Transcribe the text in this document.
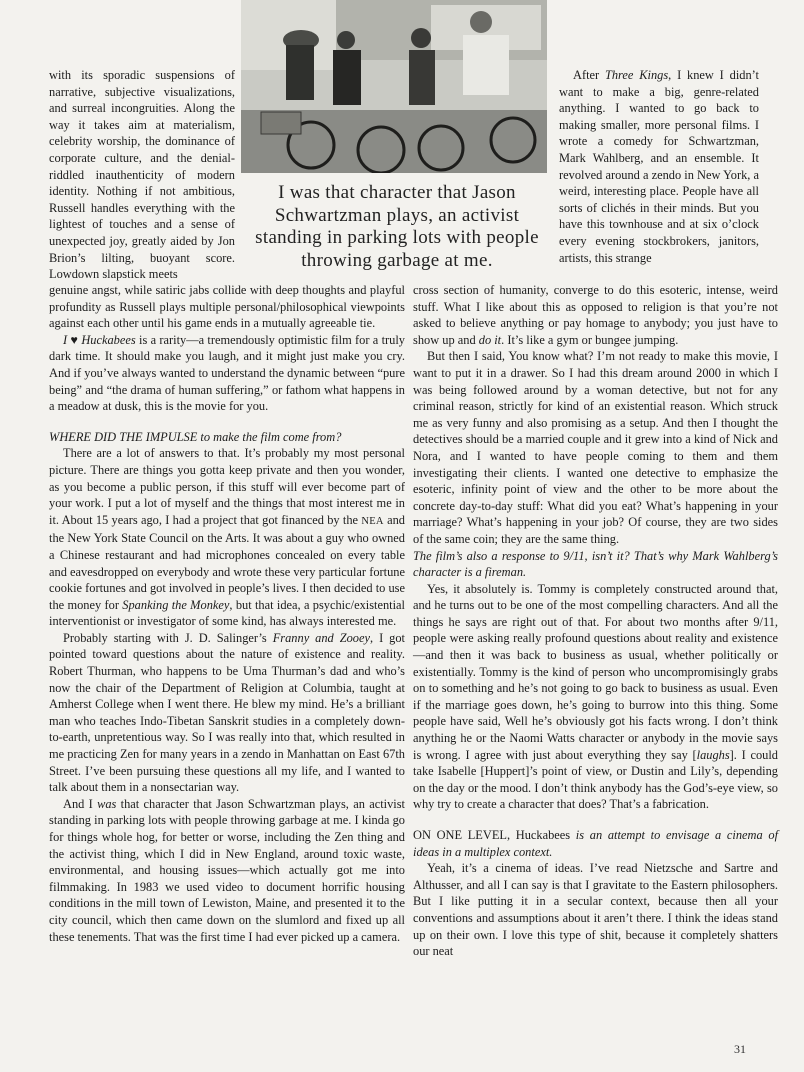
I was that character that Jason Schwartzman plays, an activist standing in parking lots with people throwing garbage at me.

with its sporadic suspensions of narrative, subjective visualizations, and surreal incongruities. Along the way it takes aim at materialism, celebrity worship, the dominance of corporate culture, and the denial-riddled inauthenticity of modern identity. Nothing if not ambitious, Russell handles everything with the lightest of touches and a sense of unexpected joy, greatly aided by Jon Brion’s lilting, buoyant score. Lowdown slapstick meets

genuine angst, while satiric jabs collide with deep thoughts and playful profundity as Russell plays multiple personal/philosophical viewpoints against each other until his game ends in a mutually agreeable tie.

I ♥ Huckabees is a rarity—a tremendously optimistic film for a truly dark time. It should make you laugh, and it might just make you cry. And if you’ve always wanted to understand the dynamic between “pure being” and “the drama of human suffering,” or fathom what happens in a meadow at dusk, this is the movie for you.

WHERE DID THE IMPULSE to make the film come from?

There are a lot of answers to that. It’s probably my most personal picture. There are things you gotta keep private and then you wonder, as you become a public person, if this stuff will ever become part of your work. I put a lot of myself and the things that most interest me in it. About 15 years ago, I had a project that got financed by the NEA and the New York State Council on the Arts. It was about a guy who owned a Chinese restaurant and had microphones concealed on every table and eavesdropped on everybody and wrote these very particular fortune cookie fortunes and got involved in people’s lives. I then decided to use the money for Spanking the Monkey, but that idea, a psychic/existential interventionist or investigator of some kind, has always interested me.

Probably starting with J. D. Salinger’s Franny and Zooey, I got pointed toward questions about the nature of existence and reality. Robert Thurman, who happens to be Uma Thurman’s dad and who’s now the chair of the Department of Religion at Columbia, taught at Amherst College when I went there. He blew my mind. He’s a brilliant man who teaches Indo-Tibetan Sanskrit studies in a completely down-to-earth, unpretentious way. So I was really into that, which resulted in me practicing Zen for many years in a zendo in Manhattan on East 67th Street. I’ve been pursuing these questions all my life, and I wanted to talk about them in a nonsectarian way.

And I was that character that Jason Schwartzman plays, an activist standing in parking lots with people throwing garbage at me. I kinda go for things whole hog, for better or worse, including the Zen thing and the activist thing, which I did in New England, around toxic waste, environmental, and housing issues—which actually got me into filmmaking. In 1983 we used video to document horrific housing conditions in the mill town of Lewiston, Maine, and presented it to the city council, which then came down on the slumlord and fixed up all these tenements. That was the first time I had ever picked up a camera.

After Three Kings, I knew I didn’t want to make a big, genre-related anything. I wanted to go back to making smaller, more personal films. I wrote a comedy for Schwartzman, Mark Wahlberg, and an ensemble. It revolved around a zendo in New York, a weird, interesting place. People have all sorts of clichés in their minds. But you have this townhouse and at six o’clock every evening stockbrokers, janitors, artists, this strange

cross section of humanity, converge to do this esoteric, intense, weird stuff. What I like about this as opposed to religion is that you’re not asked to believe anything or pay homage to anybody; you just have to show up and do it. It’s like a gym or bungee jumping.

But then I said, You know what? I’m not ready to make this movie, I want to put it in a drawer. So I had this dream around 2000 in which I was being followed around by a woman detective, but not for any criminal reason, strictly for kind of an existential reason. Which struck me as very funny and also promising as a setup. And then I thought the detectives should be a married couple and it grew into a kind of Nick and Nora, and I wanted to have people coming to them and them investigating their clients. I wanted one detective to emphasize the esoteric, infinity point of view and the other to be more about the concrete day-to-day stuff: What did you eat? What’s happening in your marriage? What’s happening in your job? Of course, they are two sides of the same coin; they are the same thing.

The film’s also a response to 9/11, isn’t it? That’s why Mark Wahlberg’s character is a fireman.

Yes, it absolutely is. Tommy is completely constructed around that, and he turns out to be one of the most compelling characters. And all the things he says are right out of that. For about two months after 9/11, people were asking really profound questions about reality and existence—and then it was back to business as usual, whether politically or existentially. Tommy is the kind of person who uncompromisingly grabs on to something and he’s not going to go back to business as usual. Even if the marriage goes down, he’s going to burrow into this thing. Some people have said, Well he’s obviously got his facts wrong. I don’t think anything he or the Naomi Watts character or anybody in the movie says is wrong. I agree with just about everything they say [laughs]. I could take Isabelle [Huppert]’s point of view, or Dustin and Lily’s, depending on the day or the mood. I don’t think anybody has the God’s-eye view, so why try to create a character that does? That’s a fabrication.

ON ONE LEVEL, Huckabees is an attempt to envisage a cinema of ideas in a multiplex context.

Yeah, it’s a cinema of ideas. I’ve read Nietzsche and Sartre and Althusser, and all I can say is that I gravitate to the Eastern philosophers. But I like putting it in a secular context, because then all your conventions and assumptions about it aren’t there. I think the ideas stand up on their own. I love this type of shit, because it completely shatters our neat

31
